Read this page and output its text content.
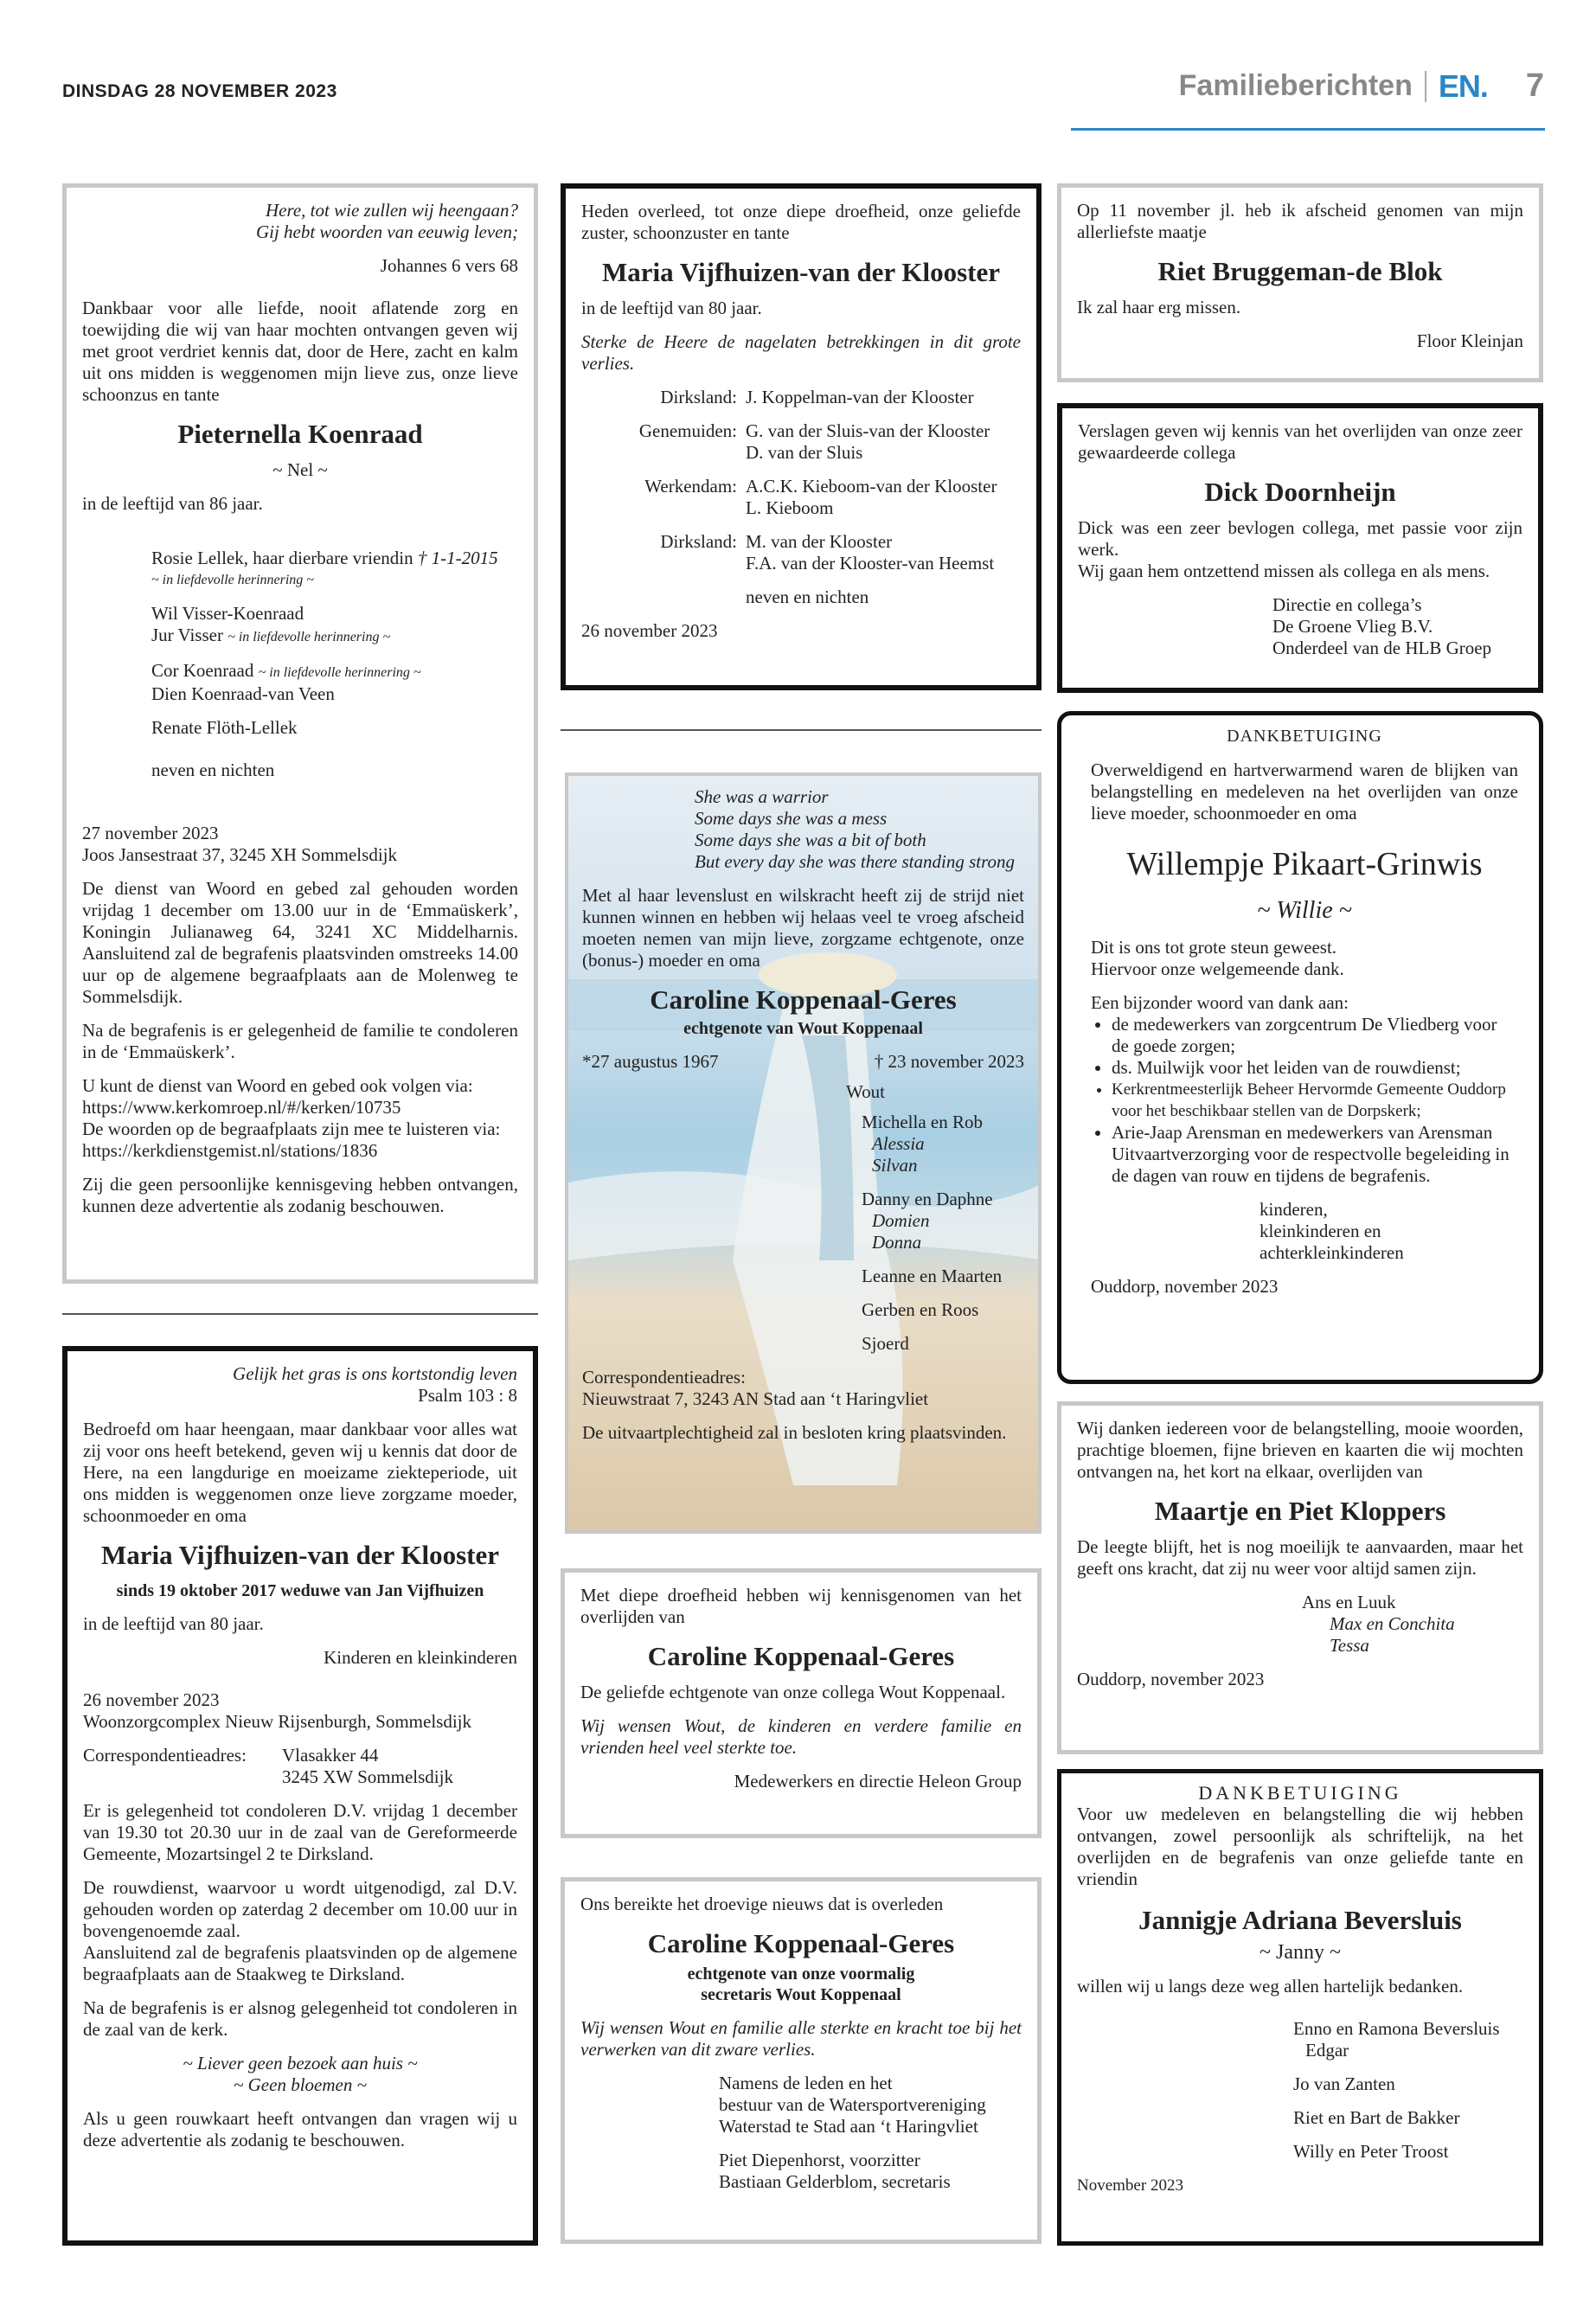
DINSDAG 28 NOVEMBER 2023	Familieberichten EN. 7

Here, tot wie zullen wij heengaan?

Gij hebt woorden van eeuwig leven;

Johannes 6 vers 68

Dankbaar voor alle liefde, nooit aflatende zorg en toewijding die wij van haar mochten ontvangen geven wij met groot verdriet kennis dat, door de Here, zacht en kalm uit ons midden is weggenomen mijn lieve zus, onze lieve schoonzus en tante

Pieternella Koenraad

~ Nel ~

in de leeftijd van 86 jaar.

Rosie Lellek, haar dierbare vriendin † 1-1-2015

~ in liefdevolle herinnering ~

Wil Visser-Koenraad

Jur Visser ~ in liefdevolle herinnering ~

Cor Koenraad ~ in liefdevolle herinnering ~

Dien Koenraad-van Veen

Renate Flöth-Lellek

neven en nichten

27 november 2023

Joos Jansestraat 37, 3245 XH Sommelsdijk

De dienst van Woord en gebed zal gehouden worden vrijdag 1 december om 13.00 uur in de ‘Emmaüskerk’, Koningin Julianaweg 64, 3241 XC Middelharnis. Aansluitend zal de begrafenis plaatsvinden omstreeks 14.00 uur op de algemene begraafplaats aan de Molenweg te Sommelsdijk.

Na de begrafenis is er gelegenheid de familie te condoleren in de ‘Emmaüskerk’.

U kunt de dienst van Woord en gebed ook volgen via:

https://www.kerkomroep.nl/#/kerken/10735

De woorden op de begraafplaats zijn mee te luisteren via:

https://kerkdienstgemist.nl/stations/1836

Zij die geen persoonlijke kennisgeving hebben ontvangen, kunnen deze advertentie als zodanig beschouwen.

Gelijk het gras is ons kortstondig leven

Psalm 103 : 8

Bedroefd om haar heengaan, maar dankbaar voor alles wat zij voor ons heeft betekend, geven wij u kennis dat door de Here, na een langdurige en moeizame ziekteperiode, uit ons midden is weggenomen onze lieve zorgzame moeder, schoonmoeder en oma

Maria Vijfhuizen-van der Klooster

sinds 19 oktober 2017 weduwe van Jan Vijfhuizen

in de leeftijd van 80 jaar.

Kinderen en kleinkinderen

26 november 2023

Woonzorgcomplex Nieuw Rijsenburgh, Sommelsdijk

Correspondentieadres:	Vlasakker 44

3245 XW Sommelsdijk

Er is gelegenheid tot condoleren D.V. vrijdag 1 december van 19.30 tot 20.30 uur in de zaal van de Gereformeerde Gemeente, Mozartsingel 2 te Dirksland.

De rouwdienst, waarvoor u wordt uitgenodigd, zal D.V. gehouden worden op zaterdag 2 december om 10.00 uur in bovengenoemde zaal.

Aansluitend zal de begrafenis plaatsvinden op de algemene begraafplaats aan de Staakweg te Dirksland.

Na de begrafenis is er alsnog gelegenheid tot condoleren in de zaal van de kerk.

~ Liever geen bezoek aan huis ~

~ Geen bloemen ~

Als u geen rouwkaart heeft ontvangen dan vragen wij u deze advertentie als zodanig te beschouwen.

Heden overleed, tot onze diepe droefheid, onze geliefde zuster, schoonzuster en tante

Maria Vijfhuizen-van der Klooster

in de leeftijd van 80 jaar.

Sterke de Heere de nagelaten betrekkingen in dit grote verlies.

Dirksland: J. Koppelman-van der Klooster

Genemuiden: G. van der Sluis-van der Klooster

D. van der Sluis

Werkendam: A.C.K. Kieboom-van der Klooster

L. Kieboom

Dirksland: M. van der Klooster

F.A. van der Klooster-van Heemst

neven en nichten

26 november 2023

She was a warrior

Some days she was a mess

Some days she was a bit of both

But every day she was there standing strong

Met al haar levenslust en wilskracht heeft zij de strijd niet kunnen winnen en hebben wij helaas veel te vroeg afscheid moeten nemen van mijn lieve, zorgzame echtgenote, onze (bonus-) moeder en oma

Caroline Koppenaal-Geres

echtgenote van Wout Koppenaal

*27 augustus 1967	† 23 november 2023

Wout

Michella en Rob

Alessia

Silvan

Danny en Daphne

Domien

Donna

Leanne en Maarten

Gerben en Roos

Sjoerd

Correspondentieadres:

Nieuwstraat 7, 3243 AN Stad aan ‘t Haringvliet

De uitvaartplechtigheid zal in besloten kring plaatsvinden.

Met diepe droefheid hebben wij kennisgenomen van het overlijden van

Caroline Koppenaal-Geres

De geliefde echtgenote van onze collega Wout Koppenaal.

Wij wensen Wout, de kinderen en verdere familie en vrienden heel veel sterkte toe.

Medewerkers en directie Heleon Group

Ons bereikte het droevige nieuws dat is overleden

Caroline Koppenaal-Geres

echtgenote van onze voormalig

secretaris Wout Koppenaal

Wij wensen Wout en familie alle sterkte en kracht toe bij het verwerken van dit zware verlies.

Namens de leden en het

bestuur van de Watersportvereniging

Waterstad te Stad aan ‘t Haringvliet

Piet Diepenhorst, voorzitter

Bastiaan Gelderblom, secretaris

Op 11 november jl. heb ik afscheid genomen van mijn allerliefste maatje

Riet Bruggeman-de Blok

Ik zal haar erg missen.

Floor Kleinjan

Verslagen geven wij kennis van het overlijden van onze zeer gewaardeerde collega

Dick Doornheijn

Dick was een zeer bevlogen collega, met passie voor zijn werk.

Wij gaan hem ontzettend missen als collega en als mens.

Directie en collega’s

De Groene Vlieg B.V.

Onderdeel van de HLB Groep

DANKBETUIGING

Overweldigend en hartverwarmend waren de blijken van belangstelling en medeleven na het overlijden van onze lieve moeder, schoonmoeder en oma

Willempje Pikaart-Grinwis

~ Willie ~

Dit is ons tot grote steun geweest.

Hiervoor onze welgemeende dank.

Een bijzonder woord van dank aan:

• de medewerkers van zorgcentrum De Vliedberg voor de goede zorgen;
• ds. Muilwijk voor het leiden van de rouwdienst;
• Kerkrentmeesterlijk Beheer Hervormde Gemeente Ouddorp voor het beschikbaar stellen van de Dorpskerk;
• Arie-Jaap Arensman en medewerkers van Arensman Uitvaartverzorging voor de respectvolle begeleiding in de dagen van rouw en tijdens de begrafenis.

kinderen,

kleinkinderen en

achterkleinkinderen

Ouddorp, november 2023

Wij danken iedereen voor de belangstelling, mooie woorden, prachtige bloemen, fijne brieven en kaarten die wij mochten ontvangen na, het kort na elkaar, overlijden van

Maartje en Piet Kloppers

De leegte blijft, het is nog moeilijk te aanvaarden, maar het geeft ons kracht, dat zij nu weer voor altijd samen zijn.

Ans en Luuk

Max en Conchita

Tessa

Ouddorp, november 2023

DANKBETUIGING

Voor uw medeleven en belangstelling die wij hebben ontvangen, zowel persoonlijk als schriftelijk, na het overlijden en de begrafenis van onze geliefde tante en vriendin

Jannigje Adriana Beversluis

~ Janny ~

willen wij u langs deze weg allen hartelijk bedanken.

Enno en Ramona Beversluis

Edgar

Jo van Zanten

Riet en Bart de Bakker

Willy en Peter Troost

November 2023
